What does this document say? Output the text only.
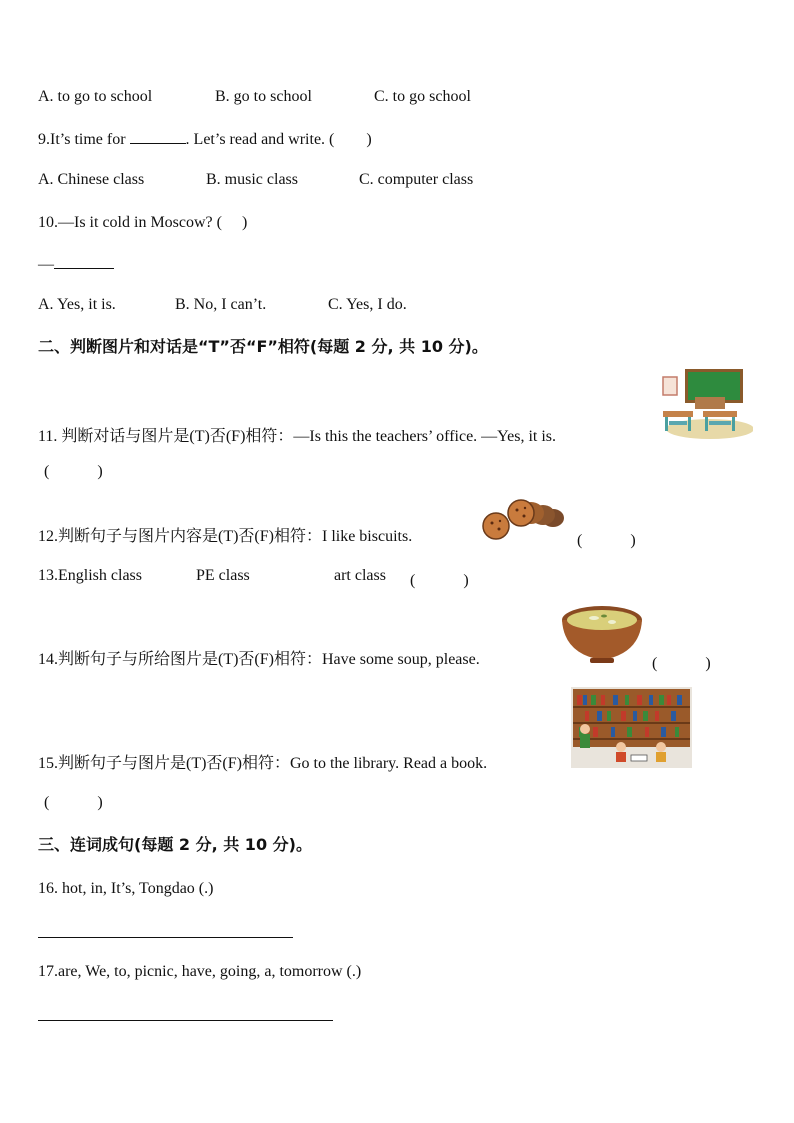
A. to go to school	B. go to school	C. to go school
9.It’s time for	. Let’s read and write. (　　)
A. Chinese class	B. music class	C. computer class
10.—Is it cold in Moscow? (　 )
—
A. Yes, it is.	B. No, I can’t.	C. Yes, I do.
二、判断图片和对话是“T”否“F”相符(每题 2 分, 共 10 分)。
11. 判断对话与图片是(T)否(F)相符：—Is this the teachers’ office. —Yes, it is.
(　　　)
12.判断句子与图片内容是(T)否(F)相符：I like biscuits.	(　　　)
13.English class	PE class	art class (　　　)
14.判断句子与所给图片是(T)否(F)相符：Have some soup, please.	(　　　)
15.判断句子与图片是(T)否(F)相符：Go to the library. Read a book.
(　　　)
三、连词成句(每题 2 分, 共 10 分)。
16. hot, in, It’s, Tongdao (.)
17.are, We, to, picnic, have, going, a, tomorrow (.)
